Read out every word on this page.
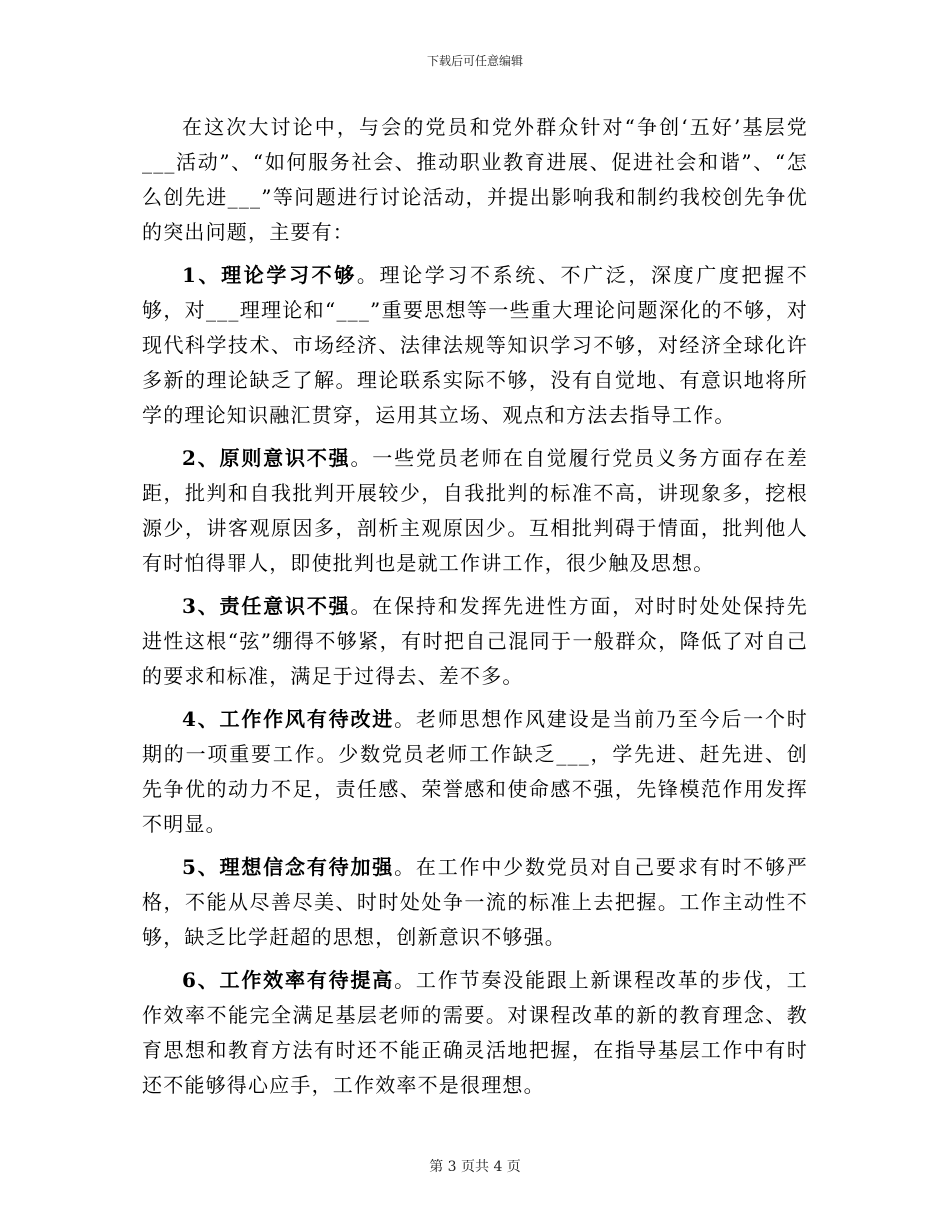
下载后可任意编辑

在这次大讨论中，与会的党员和党外群众针对“争创‘五好’基层党___活动”、“如何服务社会、推动职业教育进展、促进社会和谐”、“怎么创先进___”等问题进行讨论活动，并提出影响我和制约我校创先争优的突出问题，主要有：

1、理论学习不够。理论学习不系统、不广泛，深度广度把握不够，对___理理论和“___”重要思想等一些重大理论问题深化的不够，对现代科学技术、市场经济、法律法规等知识学习不够，对经济全球化许多新的理论缺乏了解。理论联系实际不够，没有自觉地、有意识地将所学的理论知识融汇贯穿，运用其立场、观点和方法去指导工作。

2、原则意识不强。一些党员老师在自觉履行党员义务方面存在差距，批判和自我批判开展较少，自我批判的标准不高，讲现象多，挖根源少，讲客观原因多，剖析主观原因少。互相批判碍于情面，批判他人有时怕得罪人，即使批判也是就工作讲工作，很少触及思想。

3、责任意识不强。在保持和发挥先进性方面，对时时处处保持先进性这根“弦”绷得不够紧，有时把自己混同于一般群众，降低了对自己的要求和标准，满足于过得去、差不多。

4、工作作风有待改进。老师思想作风建设是当前乃至今后一个时期的一项重要工作。少数党员老师工作缺乏___，学先进、赶先进、创先争优的动力不足，责任感、荣誉感和使命感不强，先锋模范作用发挥不明显。

5、理想信念有待加强。在工作中少数党员对自己要求有时不够严格，不能从尽善尽美、时时处处争一流的标准上去把握。工作主动性不够，缺乏比学赶超的思想，创新意识不够强。

6、工作效率有待提高。工作节奏没能跟上新课程改革的步伐，工作效率不能完全满足基层老师的需要。对课程改革的新的教育理念、教育思想和教育方法有时还不能正确灵活地把握，在指导基层工作中有时还不能够得心应手，工作效率不是很理想。

第 3 页共 4 页
